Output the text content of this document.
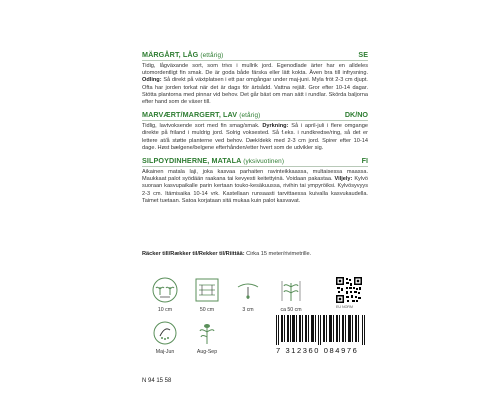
MÄRGÅRT, LÅG (ettårig)	SE

Tidig, lågväxande sort, som trivs i mullrik jord. Egenodlade ärter har en alldeles utomordentligt fin smak. De är goda både färska eller lätt kokta. Även bra till infrysning. Odling: Så direkt på växtplatsen i ett par omgångar under maj-juni. Myla fröt 2-3 cm djupt. Ofta har jorden torkat när det är dags för ärtsådd. Vattna rejält. Gror efter 10-14 dagar. Stötta plantorna med pinnar vid behov. Det går bäst om man sätt i rundlar. Skörda baljorna efter hand som de växer till.

MARVÆRT/MARGERT, LAV (etårig)	DK/NO

Tidlig, lavtvoksende sort med fin smag/smak. Dyrkning: Så i april-juli i flere omgange direkte på friland i muldrig jord. Solrig voksested. Så f.eks. i rundkredse/ring, så det er lettere at/å støtte planterne ved behov. Dæk/dekk med 2-3 cm jord. Spirer efter 10-14 dage. Høst bælgene/belgene efterhånden/etter hvert som de udvikler sig.

SILPOYDINHERNE, MATALA (yksivuotinen)	FI

Aikainen matala laji, joka kasvaa parhaiten ravinteikkaassa, multaisessa maassa. Maukkaat palot syödään raakana tai kevyesti keitettyinä. Voidaan pakastaa. Viljely: Kylvö suoraan kasvupaikalle parin kertaan touko-kesäkuussa, rivihin tai ympyröiksi. Kylvösyvyys 2-3 cm. Itämisaika 10-14 vrk. Kastellaan runsaasti tarvittaessa kuivalla kasvukaudella. Taimet tuetaan. Satoa korjataan sitä mukaa kuin palot kasvavat.

Räcker till/Rækker til/Rekker til/Riittää: Cirka 15 meter/rivimetrille.
10 cm	50 cm	3 cm	ca 50 cm	EU NORM
Maj-Jun	Aug-Sep	7 312360 084976
N 94 15 58
